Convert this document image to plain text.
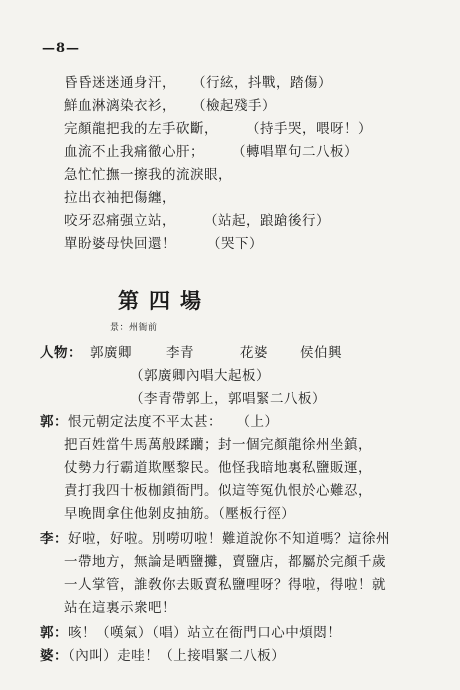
—8—
昏昏迷迷通身汗， （行絃，抖戰，踏傷）
鮮血淋漓染衣衫， （檢起殘手）
完顏龍把我的左手砍斷， （持手哭，喂呀！）
血流不止我痛徹心肝； （轉唱單句二八板）
急忙忙撫一擦我的流淚眼，
拉出衣袖把傷纏，
咬牙忍痛强立站， （站起，踉蹌後行）
單盼婆母快回還！ （哭下）
第四場
景：州衙前
人物： 郭廣卿	李青	花婆 侯伯興
（郭廣卿內唱大起板）
（李青帶郭上，郭唱緊二八板）
郭：恨元朝定法度不平太甚：　　（上）
把百姓當牛馬萬般蹂躪；封一個完顏龍徐州坐鎮，
仗勢力行霸道欺壓黎民。他怪我暗地裏私鹽販運，
責打我四十板枷鎖衙門。似這等冤仇恨於心難忍，
早晚間拿住他剝皮抽筋。（壓板行徑）
李：好啦，好啦。別嘮叨啦！難道說你不知道嗎？這徐州
一帶地方，無論是晒鹽攤，賣鹽店，都屬於完顏千歲
一人掌管，誰敎你去販賣私鹽哩呀？得啦，得啦！就
站在這裏示衆吧！
郭：咳！（嘆氣）（唱）站立在衙門口心中煩悶！
婆：（內叫）走哇！（上接唱緊二八板）
